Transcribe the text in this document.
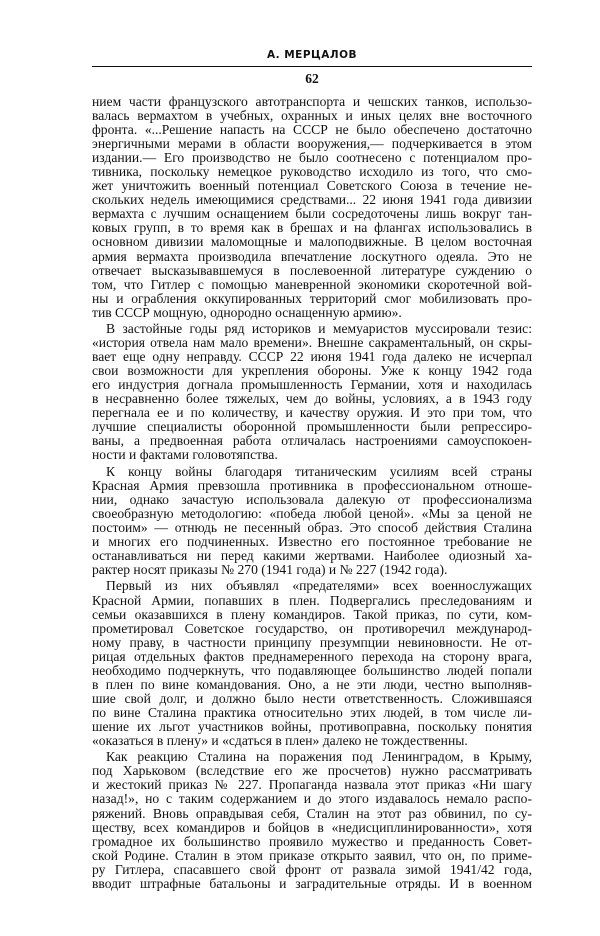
А. МЕРЦАЛОВ
62
нием части французского автотранспорта и чешских танков, использо-
валась вермахтом в учебных, охранных и иных целях вне восточного
фронта. «...Решение напасть на СССР не было обеспечено достаточно
энергичными мерами в области вооружения,— подчеркивается в этом
издании.— Его производство не было соотнесено с потенциалом про-
тивника, поскольку немецкое руководство исходило из того, что смо-
жет уничтожить военный потенциал Советского Союза в течение не-
скольких недель имеющимися средствами... 22 июня 1941 года дивизии
вермахта с лучшим оснащением были сосредоточены лишь вокруг тан-
ковых групп, в то время как в брешах и на флангах использовались в
основном дивизии маломощные и малоподвижные. В целом восточная
армия вермахта производила впечатление лоскутного одеяла. Это не
отвечает высказывавшемуся в послевоенной литературе суждению о
том, что Гитлер с помощью маневренной экономики скоротечной вой-
ны и ограбления оккупированных территорий смог мобилизовать про-
тив СССР мощную, однородно оснащенную армию».
В застойные годы ряд историков и мемуаристов муссировали тезис:
«история отвела нам мало времени». Внешне сакраментальный, он скры-
вает еще одну неправду. СССР 22 июня 1941 года далеко не исчерпал
свои возможности для укрепления обороны. Уже к концу 1942 года
его индустрия догнала промышленность Германии, хотя и находилась
в несравненно более тяжелых, чем до войны, условиях, а в 1943 году
перегнала ее и по количеству, и качеству оружия. И это при том, что
лучшие специалисты оборонной промышленности были репрессиро-
ваны, а предвоенная работа отличалась настроениями самоуспокоен-
ности и фактами головотяпства.
К концу войны благодаря титаническим усилиям всей страны
Красная Армия превзошла противника в профессиональном отноше-
нии, однако зачастую использовала далекую от профессионализма
своеобразную методологию: «победа любой ценой». «Мы за ценой не
постоим» — отнюдь не песенный образ. Это способ действия Сталина
и многих его подчиненных. Известно его постоянное требование не
останавливаться ни перед какими жертвами. Наиболее одиозный ха-
рактер носят приказы № 270 (1941 года) и № 227 (1942 года).
Первый из них объявлял «предателями» всех военнослужащих
Красной Армии, попавших в плен. Подвергались преследованиям и
семьи оказавшихся в плену командиров. Такой приказ, по сути, ком-
прометировал Советское государство, он противоречил международ-
ному праву, в частности принципу презумпции невиновности. Не от-
рицая отдельных фактов преднамеренного перехода на сторону врага,
необходимо подчеркнуть, что подавляющее большинство людей попали
в плен по вине командования. Оно, а не эти люди, честно выполняв-
шие свой долг, и должно было нести ответственность. Сложившаяся
по вине Сталина практика относительно этих людей, в том числе ли-
шение их льгот участников войны, противоправна, поскольку понятия
«оказаться в плену» и «сдаться в плен» далеко не тождественны.
Как реакцию Сталина на поражения под Ленинградом, в Крыму,
под Харьковом (вследствие его же просчетов) нужно рассматривать
и жестокий приказ № 227. Пропаганда назвала этот приказ «Ни шагу
назад!», но с таким содержанием и до этого издавалось немало распо-
ряжений. Вновь оправдывая себя, Сталин на этот раз обвинил, по су-
ществу, всех командиров и бойцов в «недисциплинированности», хотя
громадное их большинство проявило мужество и преданность Совет-
ской Родине. Сталин в этом приказе открыто заявил, что он, по приме-
ру Гитлера, спасавшего свой фронт от развала зимой 1941/42 года,
вводит штрафные батальоны и заградительные отряды. И в военном
